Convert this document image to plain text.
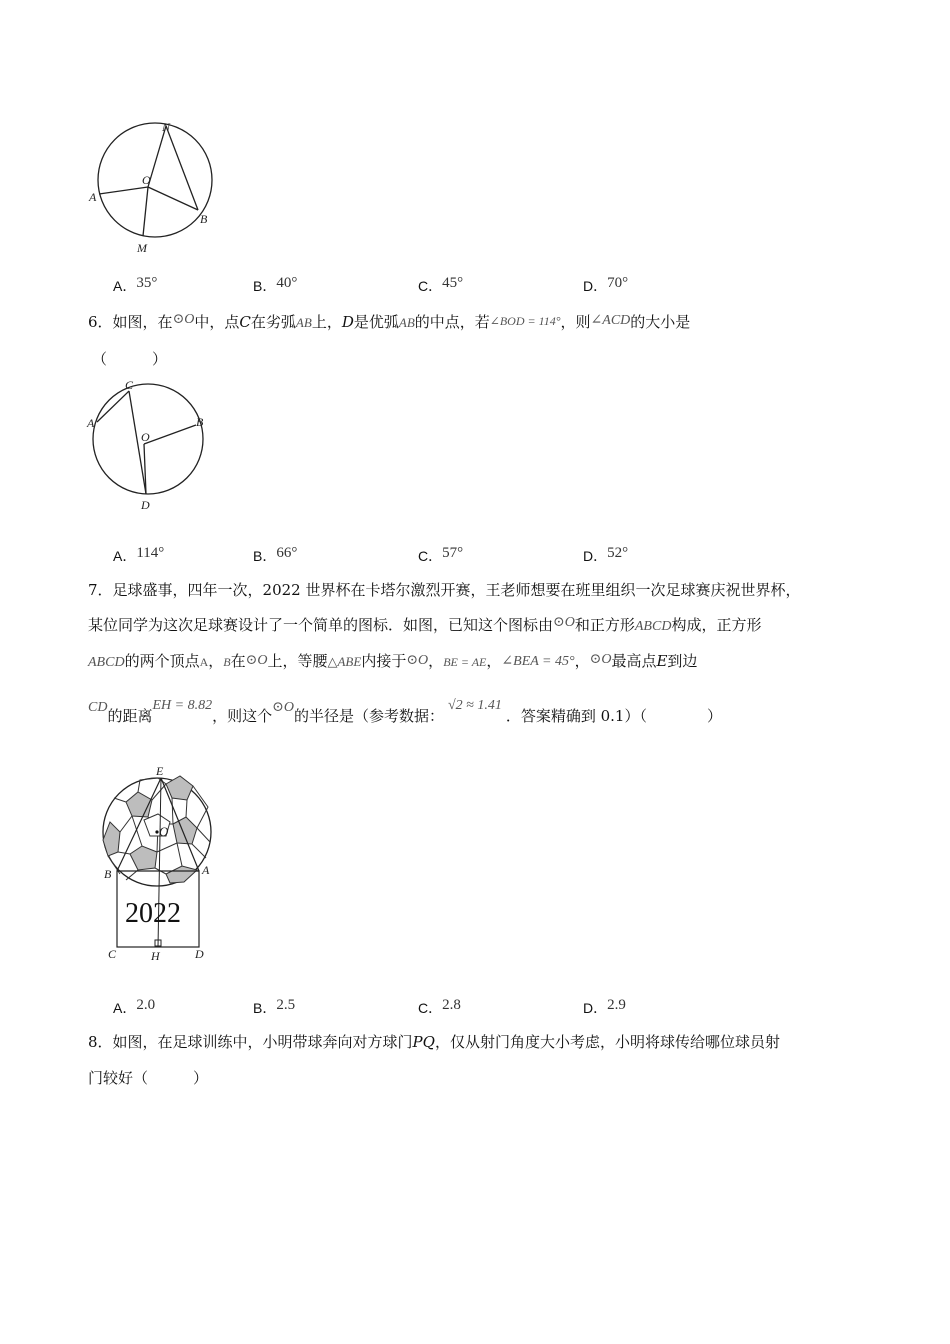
N
O
A
B
M
A．35°	B．40°	C．45°	D．70°
6．如图，在⊙O中，点C在劣弧AB上，D是优弧AB的中点，若∠BOD = 114°，则∠ACD的大小是
（　　　）
C
A
O
B
D
A．114°	B．66°	C．57°	D．52°
7．足球盛事，四年一次，2022 世界杯在卡塔尔激烈开赛，王老师想要在班里组织一次足球赛庆祝世界杯，
某位同学为这次足球赛设计了一个简单的图标．如图，已知这个图标由⊙O和正方形ABCD构成，正方形
ABCD的两个顶点A，B在⊙O上，等腰△ABE内接于⊙O，BE = AE，∠BEA = 45°，⊙O最高点E到边
CD的距离EH = 8.82，则这个⊙O的半径是（参考数据：√2 ≈ 1.41．答案精确到 0.1）（　　　　）
E
O
B	A
C	H	D
2022
A．2.0	B．2.5	C．2.8	D．2.9
8．如图，在足球训练中，小明带球奔向对方球门PQ，仅从射门角度大小考虑，小明将球传给哪位球员射
门较好（　　　）
